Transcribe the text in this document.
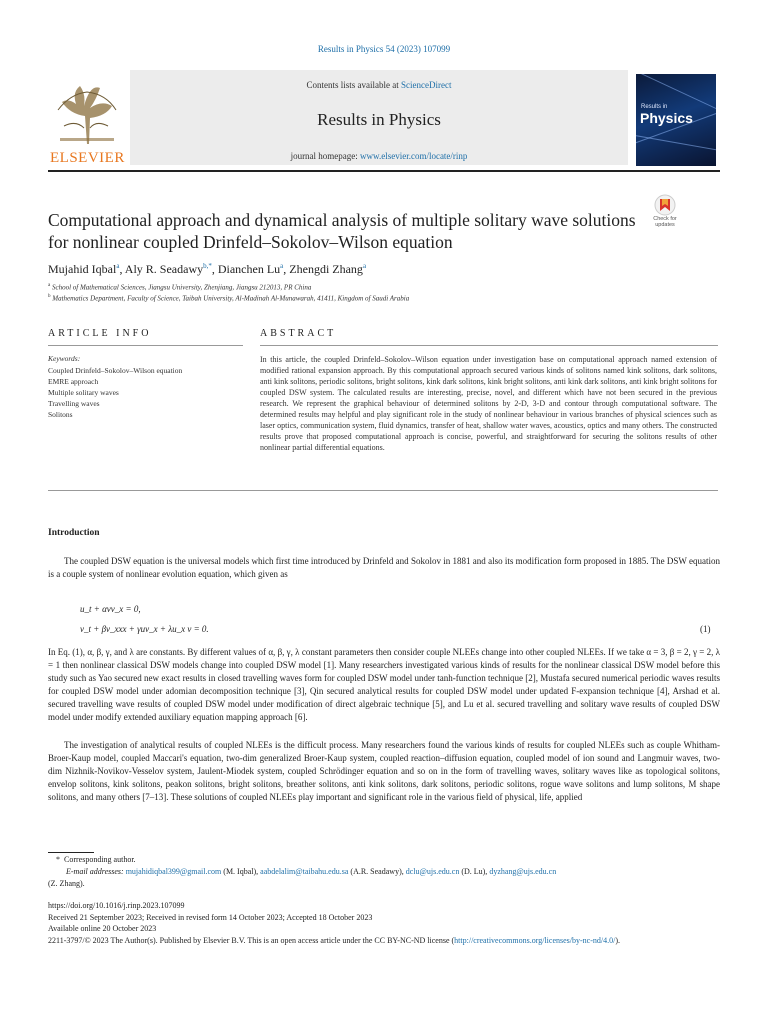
Results in Physics 54 (2023) 107099
ELSEVIER
Contents lists available at ScienceDirect
Results in Physics
journal homepage: www.elsevier.com/locate/rinp
Results in
Physics
Computational approach and dynamical analysis of multiple solitary wave solutions for nonlinear coupled Drinfeld–Sokolov–Wilson equation
Check for
updates
Mujahid Iqbal$^a$, Aly R. Seadawy$^{b,*}$, Dianchen Lu$^a$, Zhengdi Zhang$^a$
$^a$ School of Mathematical Sciences, Jiangsu University, Zhenjiang, Jiangsu 212013, PR China
$^b$ Mathematics Department, Faculty of Science, Taibah University, Al-Madinah Al-Munawarah, 41411, Kingdom of Saudi Arabia
ARTICLE INFO	ABSTRACT
Keywords:
Coupled Drinfeld–Sokolov–Wilson equation
EMRE approach
Multiple solitary waves
Travelling waves
Solitons
In this article, the coupled Drinfeld–Sokolov–Wilson equation under investigation base on computational approach named extension of modified rational expansion approach. By this computational approach secured various kinds of solitons named kink solitons, dark solitons, anti kink solitons, periodic solitons, bright solitons, kink dark solitons, kink bright solitons, anti kink dark solitons, anti kink bright solitons for coupled DSW system. The calculated results are interesting, precise, novel, and different which have not been secured in the previous research. We represent the graphical behaviour of determined solitons by 2-D, 3-D and contour through computational software. The determined results may helpful and play significant role in the study of nonlinear behaviour in various branches of physical sciences such as laser optics, communication system, fluid dynamics, transfer of heat, shallow water waves, acoustics, optics and many others. The constructed results prove that proposed computational approach is concise, powerful, and straightforward for securing the solitons results of other nonlinear partial differential equations.
Introduction
The coupled DSW equation is the universal models which first time introduced by Drinfeld and Sokolov in 1881 and also its modification form proposed in 1885. The DSW equation is a couple system of nonlinear evolution equation, which given as
u_t + αvv_x = 0,
v_t + βv_xxx + γuv_x + λu_x v = 0.	(1)
In Eq. (1), α, β, γ, and λ are constants. By different values of α, β, γ, λ constant parameters then consider couple NLEEs change into other coupled NLEEs. If we take α = 3, β = 2, γ = 2, λ = 1 then nonlinear classical DSW models change into coupled DSW model [1]. Many researchers investigated various kinds of results for the nonlinear classical DSW model before this study such as Yao secured new exact results in closed travelling waves form for coupled DSW model under tanh-function technique [2], Mustafa secured numerical periodic waves results for coupled DSW model under adomian decomposition technique [3], Qin secured analytical results for coupled DSW model under updated F-expansion technique [4], Arshad et al. secured travelling wave results of coupled DSW model under modification of direct algebraic technique [5], and Lu et al. secured travelling and solitary wave results of coupled DSW model under modify extended auxiliary equation mapping approach [6].
The investigation of analytical results of coupled NLEEs is the difficult process. Many researchers found the various kinds of results for coupled NLEEs such as couple Whitham-Broer-Kaup model, coupled Maccari's equation, two-dim generalized Broer-Kaup system, coupled reaction–diffusion equation, coupled model of ion sound and Langmuir waves, two-dim Nizhnik-Novikov-Vesselov system, Jaulent-Miodek system, coupled Schrödinger equation and so on in the form of travelling waves, solitary waves like as topological solitons, envelop solitons, kink solitons, peakon solitons, bright solitons, breather solitons, anti kink solitons, dark solitons, periodic solitons, rogue wave solitons and lump solitons, M shape solitons, and many others [7–13]. These solutions of coupled NLEEs play important and significant role in the various field of physical, life, applied
* Corresponding author.
E-mail addresses: mujahidiqbal399@gmail.com (M. Iqbal), aabdelalim@taibahu.edu.sa (A.R. Seadawy), dclu@ujs.edu.cn (D. Lu), dyzhang@ujs.edu.cn
(Z. Zhang).
https://doi.org/10.1016/j.rinp.2023.107099
Received 21 September 2023; Received in revised form 14 October 2023; Accepted 18 October 2023
Available online 20 October 2023
2211-3797/© 2023 The Author(s). Published by Elsevier B.V. This is an open access article under the CC BY-NC-ND license (http://creativecommons.org/licenses/by-nc-nd/4.0/).
